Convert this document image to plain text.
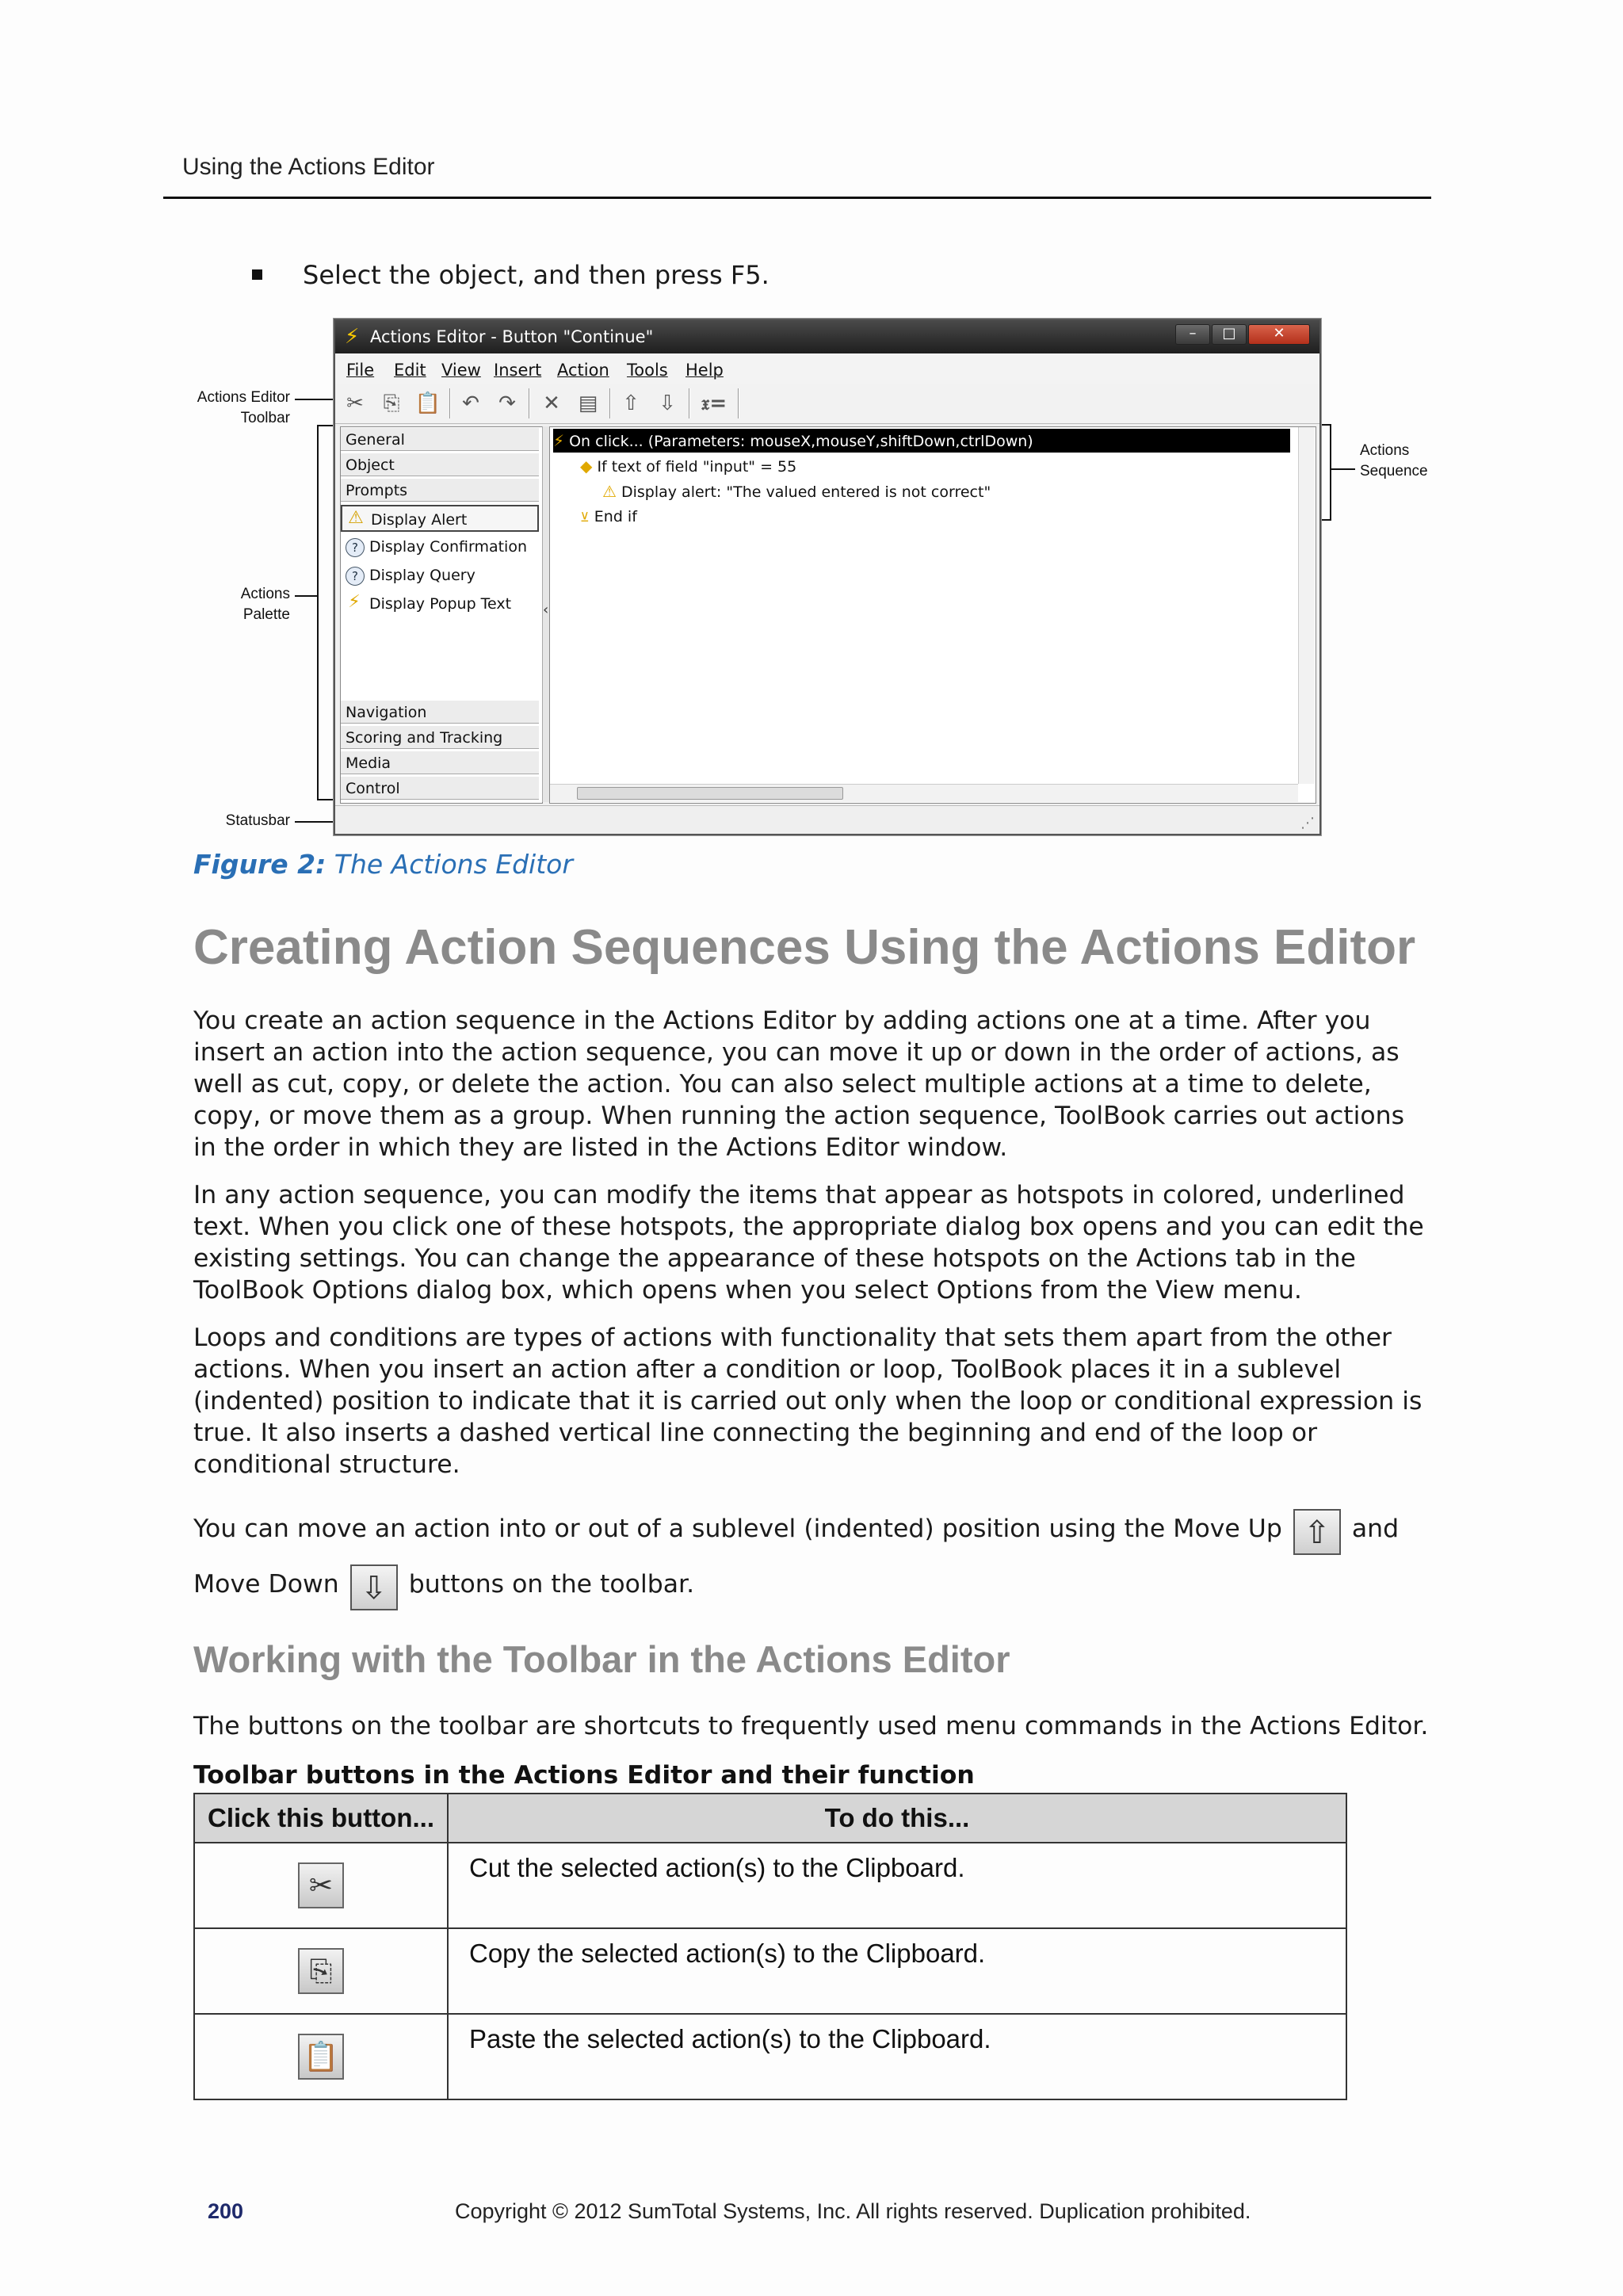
Using the Actions Editor
Select the object, and then press F5.
Actions Editor
Toolbar
Actions
Palette
Statusbar
Actions
Sequence
⚡ Actions Editor - Button "Continue"	–	□	✕
File Edit View Insert Action Tools Help
✂ ⎘ 📋 ↶ ↷ ✕ ▤ ⇧ ⇩ 𝔵=
General
Object
Prompts
⚠ Display Alert
? Display Confirmation
? Display Query
⚡ Display Popup Text
Navigation
Scoring and Tracking
Media
Control
‹
⚡ On click... (Parameters: mouseX,mouseY,shiftDown,ctrlDown)
◆ If text of field "input" = 55
⚠ Display alert: "The valued entered is not correct"
⊻ End if
⋰
Figure 2: The Actions Editor
Creating Action Sequences Using the Actions Editor
You create an action sequence in the Actions Editor by adding actions one at a time. After you insert an action into the action sequence, you can move it up or down in the order of actions, as well as cut, copy, or delete the action. You can also select multiple actions at a time to delete, copy, or move them as a group. When running the action sequence, ToolBook carries out actions in the order in which they are listed in the Actions Editor window.
In any action sequence, you can modify the items that appear as hotspots in colored, underlined text. When you click one of these hotspots, the appropriate dialog box opens and you can edit the existing settings. You can change the appearance of these hotspots on the Actions tab in the ToolBook Options dialog box, which opens when you select Options from the View menu.
Loops and conditions are types of actions with functionality that sets them apart from the other actions. When you insert an action after a condition or loop, ToolBook places it in a sublevel (indented) position to indicate that it is carried out only when the loop or conditional expression is true. It also inserts a dashed vertical line connecting the beginning and end of the loop or conditional structure.
You can move an action into or out of a sublevel (indented) position using the Move Up ⇧ and
Move Down ⇩ buttons on the toolbar.
Working with the Toolbar in the Actions Editor
The buttons on the toolbar are shortcuts to frequently used menu commands in the Actions Editor.
Toolbar buttons in the Actions Editor and their function
Click this button...	To do this...
✂	Cut the selected action(s) to the Clipboard.
⎘	Copy the selected action(s) to the Clipboard.
📋	Paste the selected action(s) to the Clipboard.
200	Copyright © 2012 SumTotal Systems, Inc. All rights reserved. Duplication prohibited.
